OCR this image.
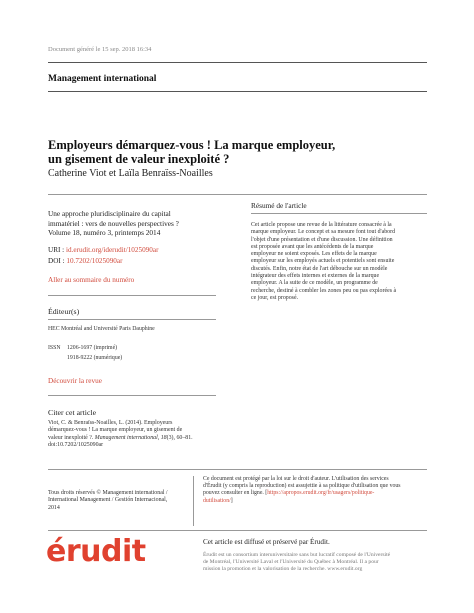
Document généré le 15 sep. 2018 16:34
Management international
Employeurs démarquez-vous ! La marque employeur,
un gisement de valeur inexploité ?
Catherine Viot et Laïla Benraïss-Noailles
Une approche pluridisciplinaire du capital
immatériel : vers de nouvelles perspectives ?
Volume 18, numéro 3, printemps 2014
URI : id.erudit.org/iderudit/1025090ar
DOI : 10.7202/1025090ar
Aller au sommaire du numéro
Éditeur(s)
HEC Montréal and Université Paris Dauphine
ISSN 1206-1697 (imprimé)
1918-9222 (numérique)
Découvrir la revue
Citer cet article
Viot, C. & Benraïss-Noailles, L. (2014). Employeurs
démarquez-vous ! La marque employeur, un gisement de
valeur inexploité ?. Management international, 18(3), 60–81.
doi:10.7202/1025090ar
Résumé de l'article
Cet article propose une revue de la littérature consacrée à la
marque employeur. Le concept et sa mesure font tout d'abord
l'objet d'une présentation et d'une discussion. Une définition
est proposée avant que les antécédents de la marque
employeur ne soient exposés. Les effets de la marque
employeur sur les employés actuels et potentiels sont ensuite
discutés. Enfin, notre état de l'art débouche sur un modèle
intégrateur des effets internes et externes de la marque
employeur. A la suite de ce modèle, un programme de
recherche, destiné à combler les zones peu ou pas explorées à
ce jour, est proposé.
Tous droits réservés © Management international /
International Management / Gestión Internacional,
2014
Ce document est protégé par la loi sur le droit d'auteur. L'utilisation des services
d'Érudit (y compris la reproduction) est assujettie à sa politique d'utilisation que vous
pouvez consulter en ligne. [https://apropos.erudit.org/fr/usagers/politique-
dutilisation/]
érudit	Cet article est diffusé et préservé par Érudit.
Érudit est un consortium interuniversitaire sans but lucratif composé de l'Université
de Montréal, l'Université Laval et l'Université du Québec à Montréal. Il a pour
mission la promotion et la valorisation de la recherche. www.erudit.org
